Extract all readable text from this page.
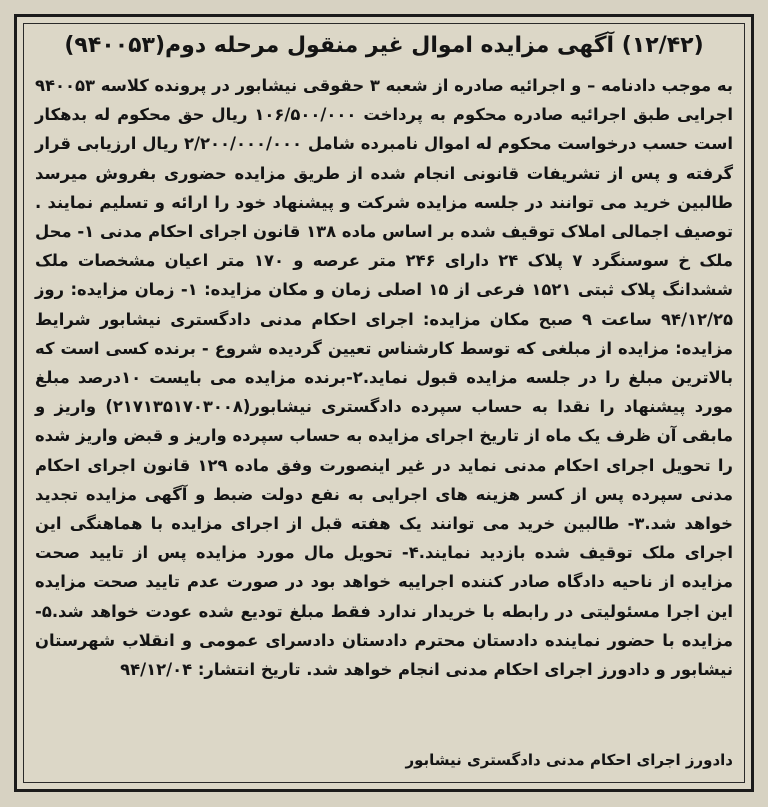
(۱۲/۴۲) آگهی مزایده اموال غیر منقول مرحله دوم(۹۴۰۰۵۳)

به موجب دادنامه – و اجرائیه صادره از شعبه ۳ حقوقی نیشابور در پرونده کلاسه ۹۴۰۰۵۳ اجرایی طبق اجرائیه صادره محکوم به پرداخت ۱۰۶/۵۰۰/۰۰۰ ریال حق محکوم له بدهکار است حسب درخواست محکوم له اموال نامبرده شامل ۲/۲۰۰/۰۰۰/۰۰۰ ریال ارزیابی قرار گرفته و پس از تشریفات قانونی انجام شده از طریق مزایده حضوری بفروش میرسد طالبین خرید می توانند در جلسه مزایده شرکت و پیشنهاد خود را ارائه و تسلیم نمایند . توصیف اجمالی املاک توقیف شده بر اساس ماده ۱۳۸ قانون اجرای احکام مدنی ۱- محل ملک خ سوسنگرد ۷ پلاک ۲۴ دارای ۲۴۶ متر عرصه و ۱۷۰ متر اعیان مشخصات ملک ششدانگ پلاک ثبتی ۱۵۲۱ فرعی از ۱۵ اصلی زمان و مکان مزایده: ۱- زمان مزایده: روز ۹۴/۱۲/۲۵ ساعت ۹ صبح مکان مزایده: اجرای احکام مدنی دادگستری نیشابور شرایط مزایده: مزایده از مبلغی که توسط کارشناس تعیین گردیده شروع - برنده کسی است که بالاترین مبلغ را در جلسه مزایده قبول نماید.۲-برنده مزایده می بایست ۱۰درصد مبلغ مورد پیشنهاد را نقدا به حساب سپرده دادگستری نیشابور(۲۱۷۱۳۵۱۷۰۳۰۰۸) واریز و مابقی آن ظرف یک ماه از تاریخ اجرای مزایده به حساب سپرده واریز و قبض واریز شده را تحویل اجرای احکام مدنی نماید در غیر اینصورت وفق ماده ۱۲۹ قانون اجرای احکام مدنی سپرده پس از کسر هزینه های اجرایی به نفع دولت ضبط و آگهی مزایده تجدید خواهد شد.۳- طالبین خرید می توانند یک هفته قبل از اجرای مزایده با هماهنگی این اجرای ملک توقیف شده بازدید نمایند.۴- تحویل مال مورد مزایده پس از تایید صحت مزایده از ناحیه دادگاه صادر کننده اجراییه خواهد بود در صورت عدم تایید صحت مزایده این اجرا مسئولیتی در رابطه با خریدار ندارد فقط مبلغ تودیع شده عودت خواهد شد.۵- مزایده با حضور نماینده دادستان محترم دادستان دادسرای عمومی و انقلاب شهرستان نیشابور و دادورز اجرای احکام مدنی انجام خواهد شد. تاریخ انتشار: ۹۴/۱۲/۰۴

دادورز اجرای احکام مدنی دادگستری نیشابور
